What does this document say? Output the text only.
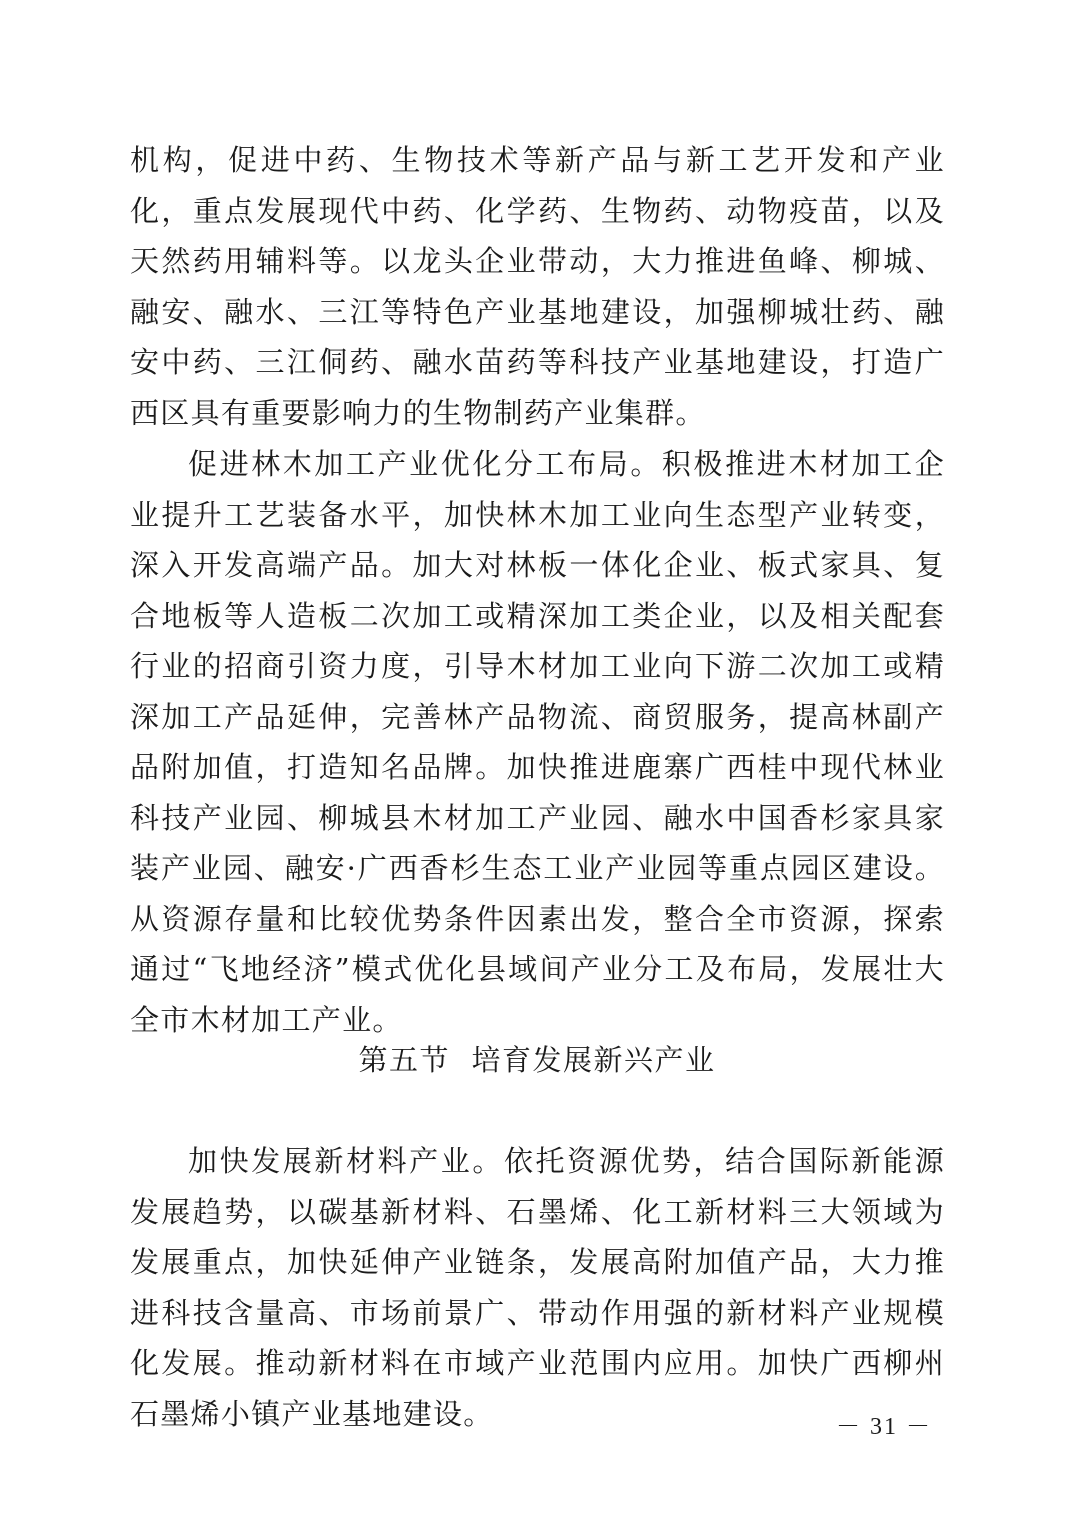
机构，促进中药、生物技术等新产品与新工艺开发和产业化，重点发展现代中药、化学药、生物药、动物疫苗，以及天然药用辅料等。以龙头企业带动，大力推进鱼峰、柳城、融安、融水、三江等特色产业基地建设，加强柳城壮药、融安中药、三江侗药、融水苗药等科技产业基地建设，打造广西区具有重要影响力的生物制药产业集群。

促进林木加工产业优化分工布局。积极推进木材加工企业提升工艺装备水平，加快林木加工业向生态型产业转变，深入开发高端产品。加大对林板一体化企业、板式家具、复合地板等人造板二次加工或精深加工类企业，以及相关配套行业的招商引资力度，引导木材加工业向下游二次加工或精深加工产品延伸，完善林产品物流、商贸服务，提高林副产品附加值，打造知名品牌。加快推进鹿寨广西桂中现代林业科技产业园、柳城县木材加工产业园、融水中国香杉家具家装产业园、融安·广西香杉生态工业产业园等重点园区建设。从资源存量和比较优势条件因素出发，整合全市资源，探索通过“飞地经济”模式优化县域间产业分工及布局，发展壮大全市木材加工产业。

第五节  培育发展新兴产业

加快发展新材料产业。依托资源优势，结合国际新能源发展趋势，以碳基新材料、石墨烯、化工新材料三大领域为发展重点，加快延伸产业链条，发展高附加值产品，大力推进科技含量高、市场前景广、带动作用强的新材料产业规模化发展。推动新材料在市域产业范围内应用。加快广西柳州石墨烯小镇产业基地建设。	－ 31 －
